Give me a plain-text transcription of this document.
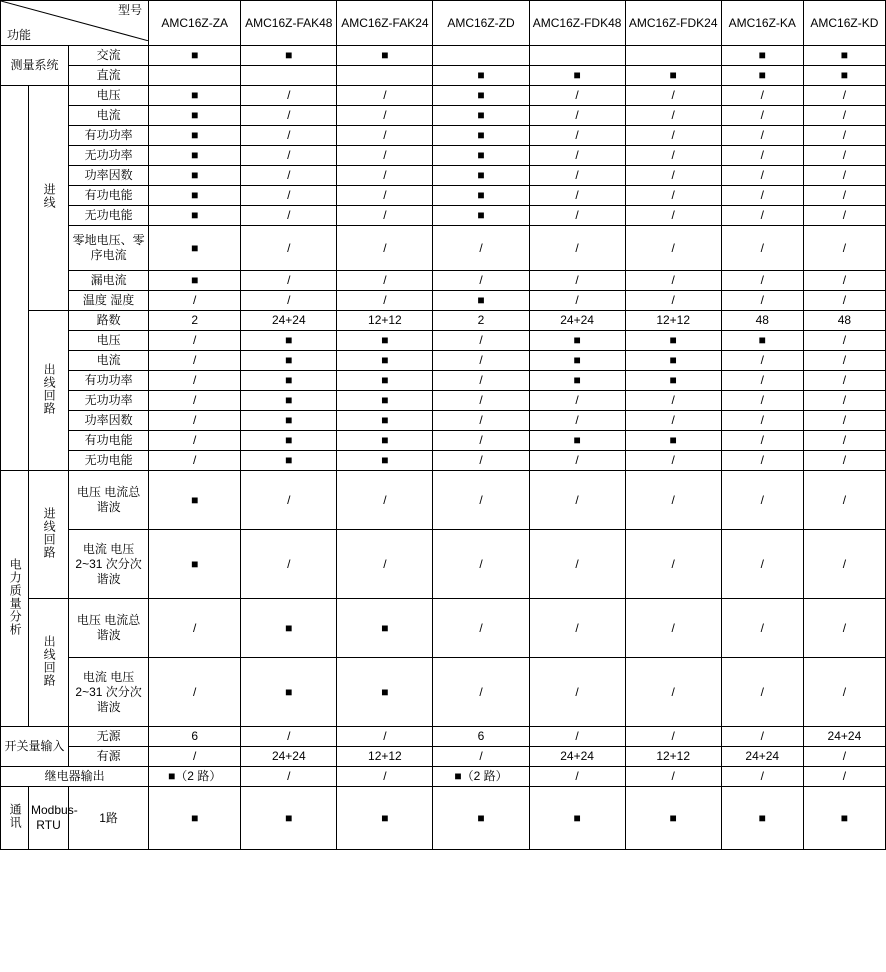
型号
功能			AMC16Z-ZA	AMC16Z-FAK48	AMC16Z-FAK24	AMC16Z-ZD	AMC16Z-FDK48	AMC16Z-FDK24	AMC16Z-KA	AMC16Z-KD
测量系统		交流	■	■	■				■	■
		直流				■	■	■	■	■
	进线	电压	■	/	/	■	/	/	/	/
		电流	■	/	/	■	/	/	/	/
		有功功率	■	/	/	■	/	/	/	/
		无功功率	■	/	/	■	/	/	/	/
		功率因数	■	/	/	■	/	/	/	/
		有功电能	■	/	/	■	/	/	/	/
		无功电能	■	/	/	■	/	/	/	/
		零地电压、零序电流	■	/	/	/	/	/	/	/
		漏电流	■	/	/	/	/	/	/	/
		温度 湿度	/	/	/	■	/	/	/	/
	出线回路	路数	2	24+24	12+12	2	24+24	12+12	48	48
		电压	/	■	■	/	■	■	■	/
		电流	/	■	■	/	■	■	/	/
		有功功率	/	■	■	/	■	■	/	/
		无功功率	/	■	■	/	/	/	/	/
		功率因数	/	■	■	/	/	/	/	/
		有功电能	/	■	■	/	■	■	/	/
		无功电能	/	■	■	/	/	/	/	/
电力质量分析	进线回路	电压 电流总谐波	■	/	/	/	/	/	/	/
		电流 电压2~31 次分次谐波	■	/	/	/	/	/	/	/
	出线回路	电压 电流总谐波	/	■	■	/	/	/	/	/
		电流 电压2~31 次分次谐波	/	■	■	/	/	/	/	/
开关量输入		无源	6	/	/	6	/	/	/	24+24
		有源	/	24+24	12+12	/	24+24	12+12	24+24	/
继电器输出			■（2 路）	/	/	■（2 路）	/	/	/	/
通讯	Modbus-RTU	1路	■	■	■	■	■	■	■	■
